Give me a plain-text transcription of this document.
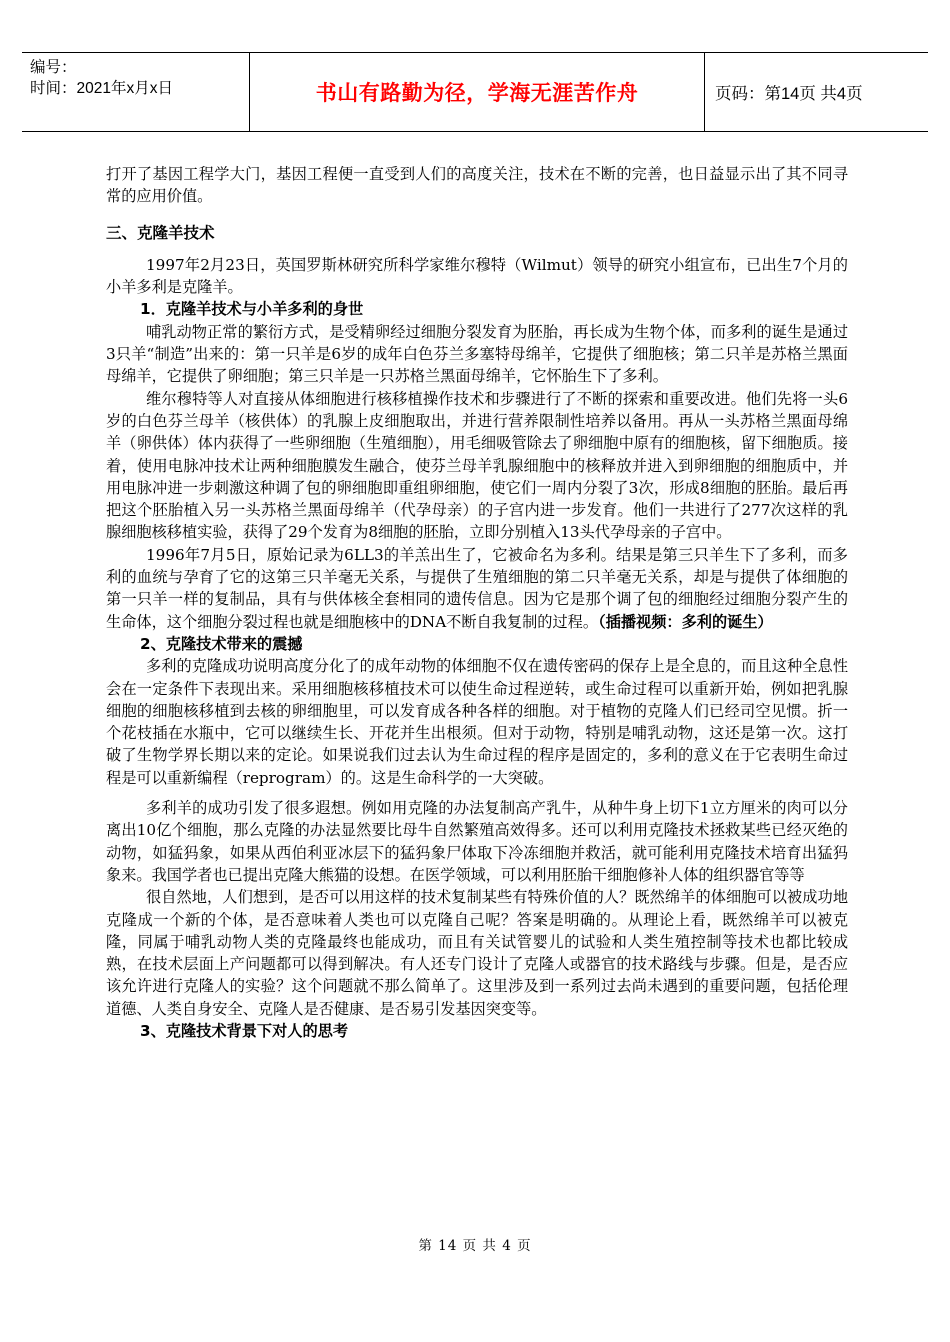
编号：
时间：2021年x月x日	书山有路勤为径，学海无涯苦作舟	页码：第14页 共4页

打开了基因工程学大门，基因工程便一直受到人们的高度关注，技术在不断的完善，也日益显示出了其不同寻常的应用价值。

三、克隆羊技术

1997年2月23日，英国罗斯林研究所科学家维尔穆特（Wilmut）领导的研究小组宣布，已出生7个月的小羊多利是克隆羊。

1．克隆羊技术与小羊多利的身世

哺乳动物正常的繁衍方式，是受精卵经过细胞分裂发育为胚胎，再长成为生物个体，而多利的诞生是通过3只羊“制造”出来的：第一只羊是6岁的成年白色芬兰多塞特母绵羊，它提供了细胞核；第二只羊是苏格兰黑面母绵羊，它提供了卵细胞；第三只羊是一只苏格兰黑面母绵羊，它怀胎生下了多利。

维尔穆特等人对直接从体细胞进行核移植操作技术和步骤进行了不断的探索和重要改进。他们先将一头6岁的白色芬兰母羊（核供体）的乳腺上皮细胞取出，并进行营养限制性培养以备用。再从一头苏格兰黑面母绵羊（卵供体）体内获得了一些卵细胞（生殖细胞），用毛细吸管除去了卵细胞中原有的细胞核，留下细胞质。接着，使用电脉冲技术让两种细胞膜发生融合，使芬兰母羊乳腺细胞中的核释放并进入到卵细胞的细胞质中，并用电脉冲进一步刺激这种调了包的卵细胞即重组卵细胞，使它们一周内分裂了3次，形成8细胞的胚胎。最后再把这个胚胎植入另一头苏格兰黑面母绵羊（代孕母亲）的子宫内进一步发育。他们一共进行了277次这样的乳腺细胞核移植实验，获得了29个发育为8细胞的胚胎，立即分别植入13头代孕母亲的子宫中。

1996年7月5日，原始记录为6LL3的羊羔出生了，它被命名为多利。结果是第三只羊生下了多利，而多利的血统与孕育了它的这第三只羊毫无关系，与提供了生殖细胞的第二只羊毫无关系，却是与提供了体细胞的第一只羊一样的复制品，具有与供体核全套相同的遗传信息。因为它是那个调了包的细胞经过细胞分裂产生的生命体，这个细胞分裂过程也就是细胞核中的DNA不断自我复制的过程。（插播视频：多利的诞生）

2、克隆技术带来的震撼

多利的克隆成功说明高度分化了的成年动物的体细胞不仅在遗传密码的保存上是全息的，而且这种全息性会在一定条件下表现出来。采用细胞核移植技术可以使生命过程逆转，或生命过程可以重新开始，例如把乳腺细胞的细胞核移植到去核的卵细胞里，可以发育成各种各样的细胞。对于植物的克隆人们已经司空见惯。折一个花枝插在水瓶中，它可以继续生长、开花并生出根须。但对于动物，特别是哺乳动物，这还是第一次。这打破了生物学界长期以来的定论。如果说我们过去认为生命过程的程序是固定的，多利的意义在于它表明生命过程是可以重新编程（reprogram）的。这是生命科学的一大突破。

多利羊的成功引发了很多遐想。例如用克隆的办法复制高产乳牛，从种牛身上切下1立方厘米的肉可以分离出10亿个细胞，那么克隆的办法显然要比母牛自然繁殖高效得多。还可以利用克隆技术拯救某些已经灭绝的动物，如猛犸象，如果从西伯利亚冰层下的猛犸象尸体取下冷冻细胞并救活，就可能利用克隆技术培育出猛犸象来。我国学者也已提出克隆大熊猫的设想。在医学领域，可以利用胚胎干细胞修补人体的组织器官等等

很自然地，人们想到，是否可以用这样的技术复制某些有特殊价值的人？既然绵羊的体细胞可以被成功地克隆成一个新的个体，是否意味着人类也可以克隆自己呢？答案是明确的。从理论上看，既然绵羊可以被克隆，同属于哺乳动物人类的克隆最终也能成功，而且有关试管婴儿的试验和人类生殖控制等技术也都比较成熟，在技术层面上产问题都可以得到解决。有人还专门设计了克隆人或器官的技术路线与步骤。但是，是否应该允许进行克隆人的实验？这个问题就不那么简单了。这里涉及到一系列过去尚未遇到的重要问题，包括伦理道德、人类自身安全、克隆人是否健康、是否易引发基因突变等。

3、克隆技术背景下对人的思考

第 14 页 共 4 页
